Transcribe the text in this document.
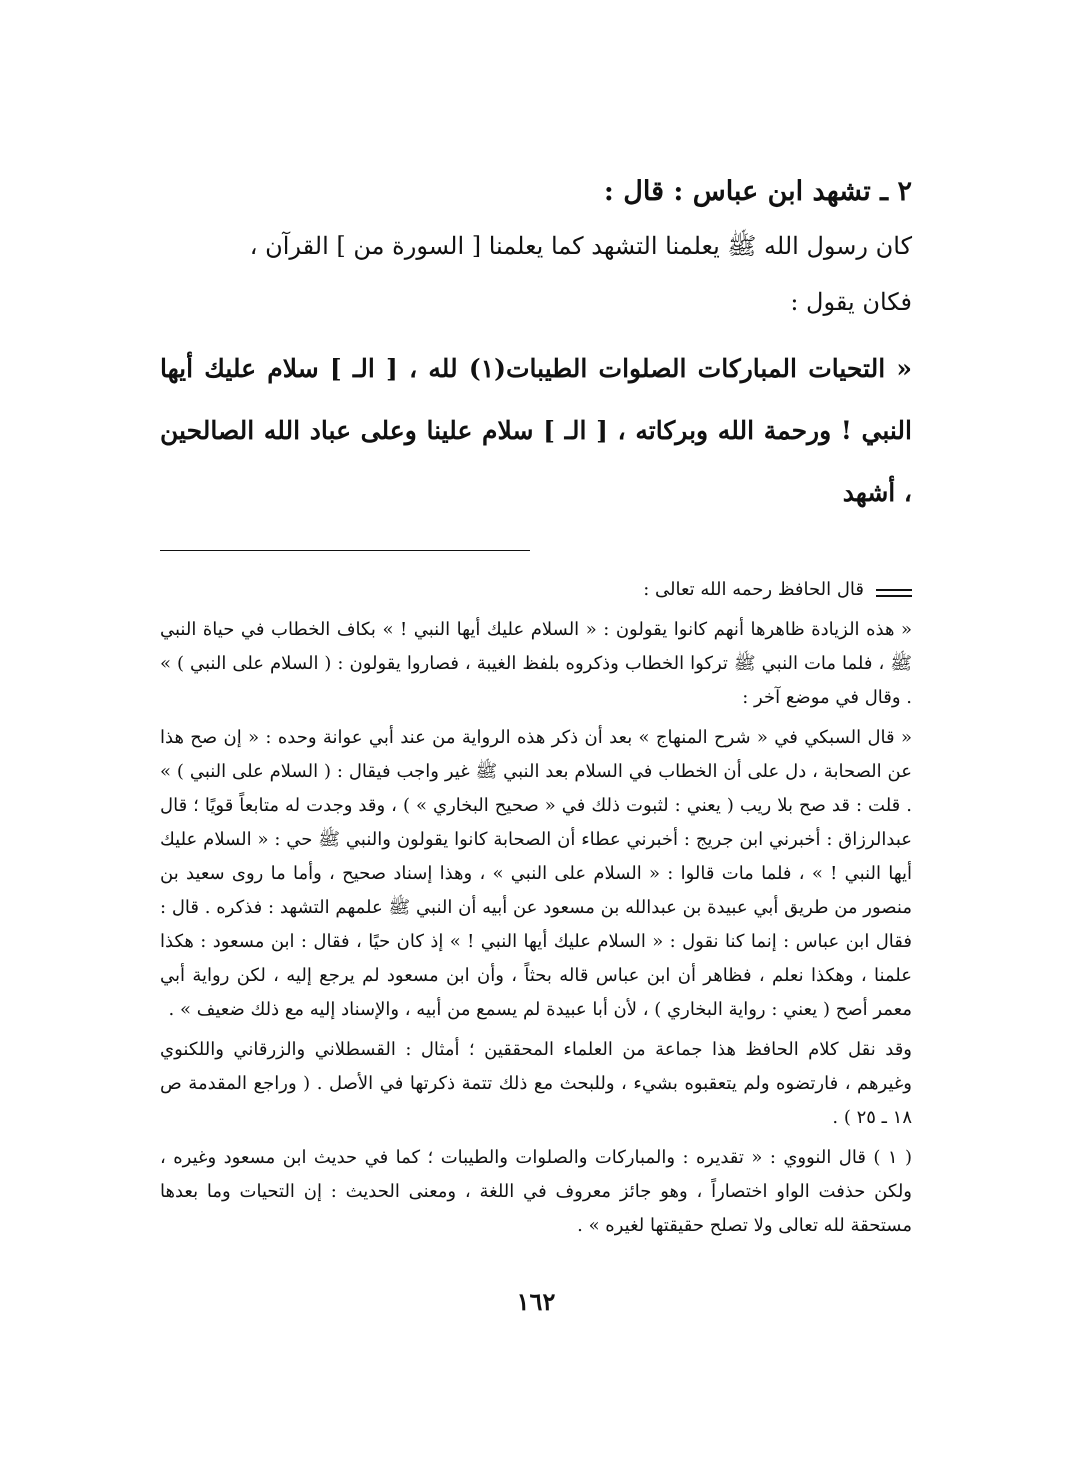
٢ ـ تشهد ابن عباس : قال :

كان رسول الله ﷺ يعلمنا التشهد كما يعلمنا [ السورة من ] القرآن ،

فكان يقول :

« التحيات المباركات الصلوات الطيبات(١) لله ، [ الـ ] سلام عليك أيها النبي ! ورحمة الله وبركاته ، [ الـ ] سلام علينا وعلى عباد الله الصالحين ، أشهد

قال الحافظ رحمه الله تعالى :

« هذه الزيادة ظاهرها أنهم كانوا يقولون : « السلام عليك أيها النبي ! » بكاف الخطاب في حياة النبي ﷺ ، فلما مات النبي ﷺ تركوا الخطاب وذكروه بلفظ الغيبة ، فصاروا يقولون : ( السلام على النبي ) » . وقال في موضع آخر :

« قال السبكي في « شرح المنهاج » بعد أن ذكر هذه الرواية من عند أبي عوانة وحده : « إن صح هذا عن الصحابة ، دل على أن الخطاب في السلام بعد النبي ﷺ غير واجب فيقال : ( السلام على النبي ) » . قلت : قد صح بلا ريب ( يعني : لثبوت ذلك في « صحيح البخاري » ) ، وقد وجدت له متابعاً قويًا ؛ قال عبدالرزاق : أخبرني ابن جريج : أخبرني عطاء أن الصحابة كانوا يقولون والنبي ﷺ حي : « السلام عليك أيها النبي ! » ، فلما مات قالوا : « السلام على النبي » ، وهذا إسناد صحيح ، وأما ما روى سعيد بن منصور من طريق أبي عبيدة بن عبدالله بن مسعود عن أبيه أن النبي ﷺ علمهم التشهد : فذكره . قال : فقال ابن عباس : إنما كنا نقول : « السلام عليك أيها النبي ! » إذ كان حيًا ، فقال : ابن مسعود : هكذا علمنا ، وهكذا نعلم ، فظاهر أن ابن عباس قاله بحثاً ، وأن ابن مسعود لم يرجع إليه ، لكن رواية أبي معمر أصح ( يعني : رواية البخاري ) ، لأن أبا عبيدة لم يسمع من أبيه ، والإسناد إليه مع ذلك ضعيف » .

وقد نقل كلام الحافظ هذا جماعة من العلماء المحققين ؛ أمثال : القسطلاني والزرقاني واللكنوي وغيرهم ، فارتضوه ولم يتعقبوه بشيء ، وللبحث مع ذلك تتمة ذكرتها في الأصل . ( وراجع المقدمة ص ١٨ ـ ٢٥ ) .

( ١ ) قال النووي : « تقديره : والمباركات والصلوات والطيبات ؛ كما في حديث ابن مسعود وغيره ، ولكن حذفت الواو اختصاراً ، وهو جائز معروف في اللغة ، ومعنى الحديث : إن التحيات وما بعدها مستحقة لله تعالى ولا تصلح حقيقتها لغيره » .

١٦٢
